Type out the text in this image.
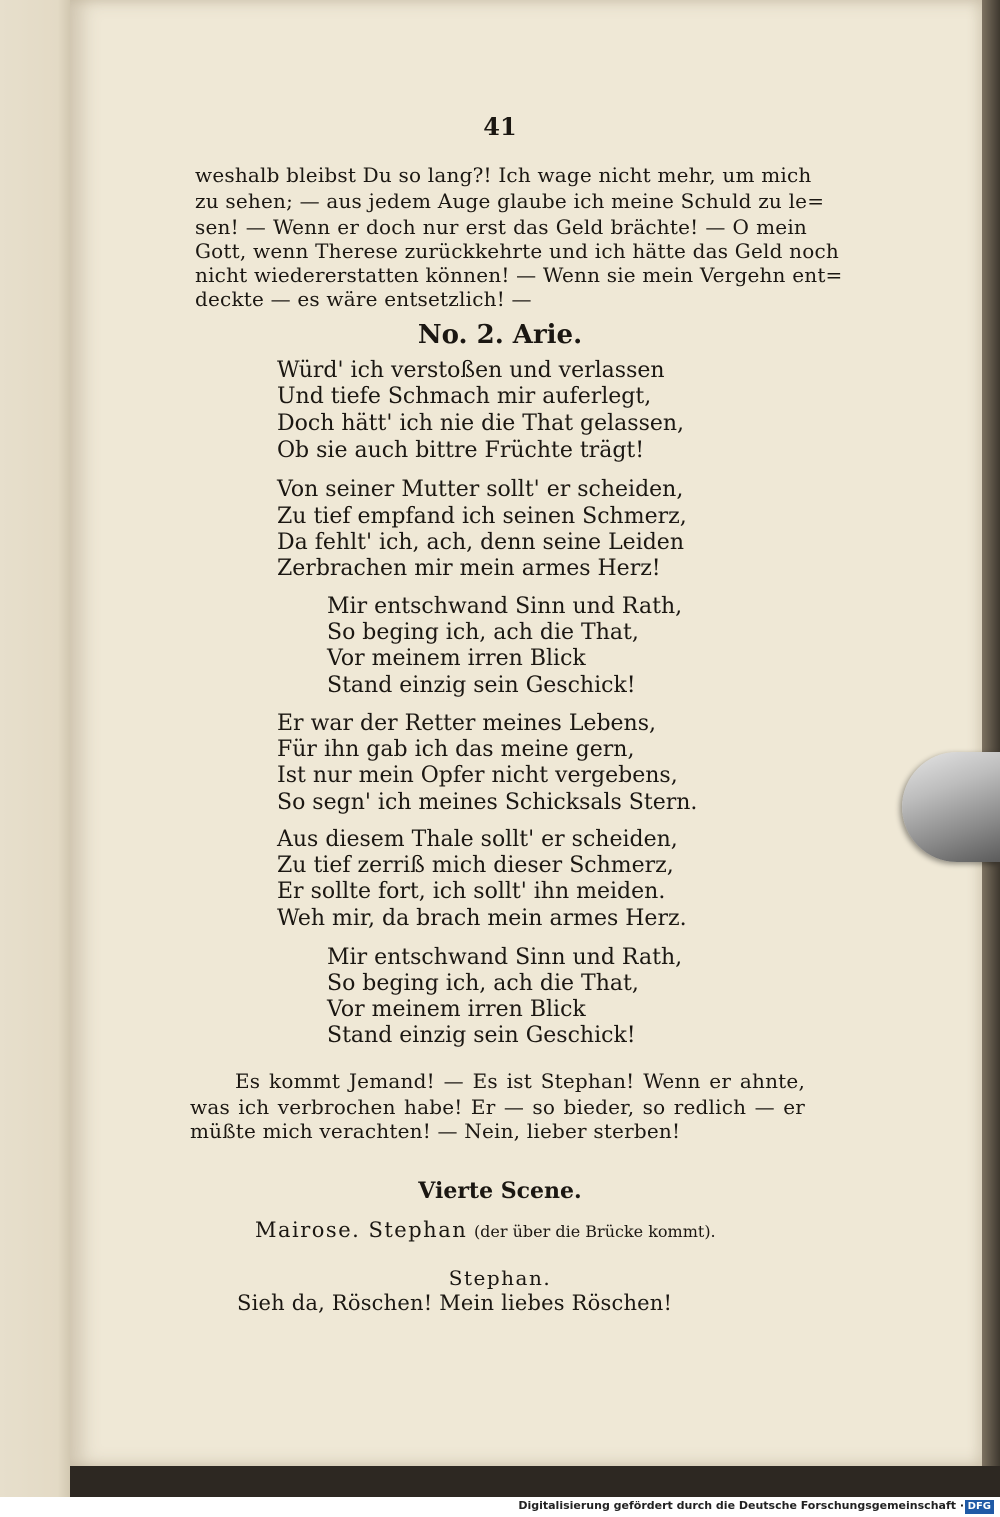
41
weshalb bleibst Du so lang?! Ich wage nicht mehr, um mich
zu sehen; — aus jedem Auge glaube ich meine Schuld zu le=
sen! — Wenn er doch nur erst das Geld brächte! — O mein
Gott, wenn Therese zurückkehrte und ich hätte das Geld noch
nicht wiedererstatten können! — Wenn sie mein Vergehn ent=
deckte — es wäre entsetzlich! —
No. 2. Arie.
Würd' ich verstoßen und verlassen
Und tiefe Schmach mir auferlegt,
Doch hätt' ich nie die That gelassen,
Ob sie auch bittre Früchte trägt!
Von seiner Mutter sollt' er scheiden,
Zu tief empfand ich seinen Schmerz,
Da fehlt' ich, ach, denn seine Leiden
Zerbrachen mir mein armes Herz!
Mir entschwand Sinn und Rath,
So beging ich, ach die That,
Vor meinem irren Blick
Stand einzig sein Geschick!
Er war der Retter meines Lebens,
Für ihn gab ich das meine gern,
Ist nur mein Opfer nicht vergebens,
So segn' ich meines Schicksals Stern.
Aus diesem Thale sollt' er scheiden,
Zu tief zerriß mich dieser Schmerz,
Er sollte fort, ich sollt' ihn meiden.
Weh mir, da brach mein armes Herz.
Mir entschwand Sinn und Rath,
So beging ich, ach die That,
Vor meinem irren Blick
Stand einzig sein Geschick!
Es kommt Jemand! — Es ist Stephan! Wenn er ahnte,
was ich verbrochen habe! Er — so bieder, so redlich — er
müßte mich verachten! — Nein, lieber sterben!
Vierte Scene.
Mairose. Stephan (der über die Brücke kommt).
Stephan.
Sieh da, Röschen! Mein liebes Röschen!
Digitalisierung gefördert durch die Deutsche Forschungsgemeinschaft · DFG
